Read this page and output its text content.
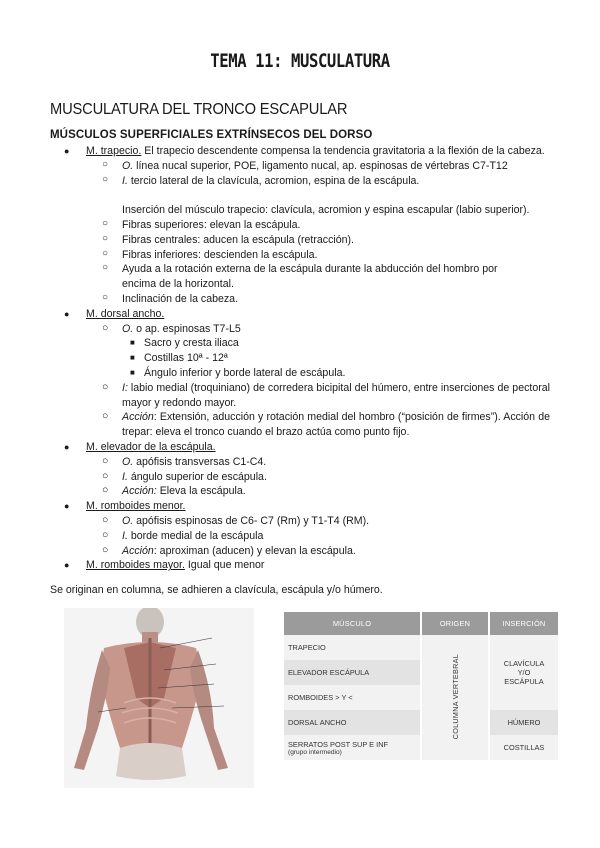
TEMA 11: MUSCULATURA
MUSCULATURA DEL TRONCO ESCAPULAR
MÚSCULOS SUPERFICIALES EXTRÍNSECOS DEL DORSO
● M. trapecio. El trapecio descendente compensa la tendencia gravitatoria a la flexión de la cabeza.
○ O. línea nucal superior, POE, ligamento nucal, ap. espinosas de vértebras C7-T12
○ I. tercio lateral de la clavícula, acromion, espina de la escápula.
Inserción del músculo trapecio: clavícula, acromion y espina escapular (labio superior).
○ Fibras superiores: elevan la escápula.
○ Fibras centrales: aducen la escápula (retracción).
○ Fibras inferiores: descienden la escápula.
○ Ayuda a la rotación externa de la escápula durante la abducción del hombro por encima de la horizontal.
○ Inclinación de la cabeza.
● M. dorsal ancho.
○ O. o ap. espinosas T7-L5
■ Sacro y cresta iliaca
■ Costillas 10ª - 12ª
■ Ángulo inferior y borde lateral de escápula.
○ I: labio medial (troquiniano) de corredera bicipital del húmero, entre inserciones de pectoral mayor y redondo mayor.
○ Acción: Extensión, aducción y rotación medial del hombro (“posición de firmes”). Acción de trepar: eleva el tronco cuando el brazo actúa como punto fijo.
● M. elevador de la escápula.
○ O. apófisis transversas C1-C4.
○ I. ángulo superior de escápula.
○ Acción: Eleva la escápula.
● M. romboides menor.
○ O. apófisis espinosas de C6- C7 (Rm) y T1-T4 (RM).
○ I. borde medial de la escápula
○ Acción: aproximan (aducen) y elevan la escápula.
● M. romboides mayor. Igual que menor
Se originan en columna, se adhieren a clavícula, escápula y/o húmero.
MÚSCULO	ORIGEN	INSERCIÓN
TRAPECIO	COLUMNA VERTEBRAL	CLAVÍCULA Y/O ESCÁPULA

ELEVADOR ESCÁPULA		
ROMBOIDES > Y <		
DORSAL ANCHO		HÚMERO

SERRATOS POST SUP E INF
(grupo intermedio)		COSTILLAS
